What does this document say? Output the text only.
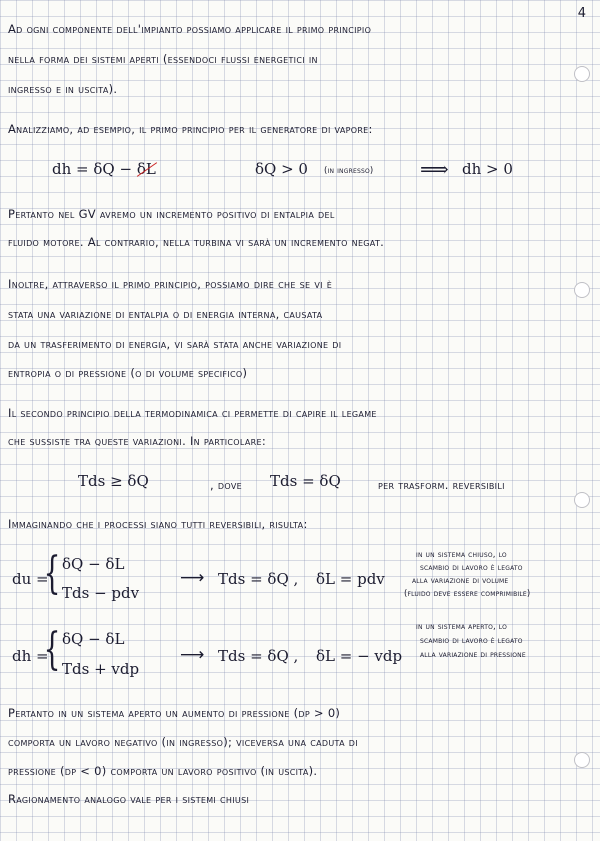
4
Ad ogni componente dell'impianto possiamo applicare il primo principio
nella forma dei sistemi aperti (essendoci flussi energetici in
ingresso e in uscita).
Analizziamo, ad esempio, il primo principio per il generatore di vapore:
dh = δQ − δL	δQ > 0 (in ingresso) ⟹ dh > 0
Pertanto nel GV avremo un incremento positivo di entalpia del
fluido motore. Al contrario, nella turbina vi sarà un incremento negat.
Inoltre, attraverso il primo principio, possiamo dire che se vi è
stata una variazione di entalpia o di energia interna, causata
da un trasferimento di energia, vi sarà stata anche variazione di
entropia o di pressione (o di volume specifico)
Il secondo principio della termodinamica ci permette di capire il legame
che sussiste tra queste variazioni. In particolare:
Tds ≥ δQ	, dove Tds = δQ	per trasform. reversibili
Immaginando che i processi siano tutti reversibili, risulta:
du =
{ δQ − δL
Tds − pdv
⟶ Tds = δQ , δL = pdv
in un sistema chiuso, lo
scambio di lavoro è legato
alla variazione di volume
(fluido deve essere comprimibile)
dh =
{ δQ − δL
Tds + vdp
⟶ Tds = δQ , δL = − vdp
in un sistema aperto, lo
scambio di lavoro è legato
alla variazione di pressione
Pertanto in un sistema aperto un aumento di pressione (dp > 0)
comporta un lavoro negativo (in ingresso); viceversa una caduta di
pressione (dp < 0) comporta un lavoro positivo (in uscita).
Ragionamento analogo vale per i sistemi chiusi
